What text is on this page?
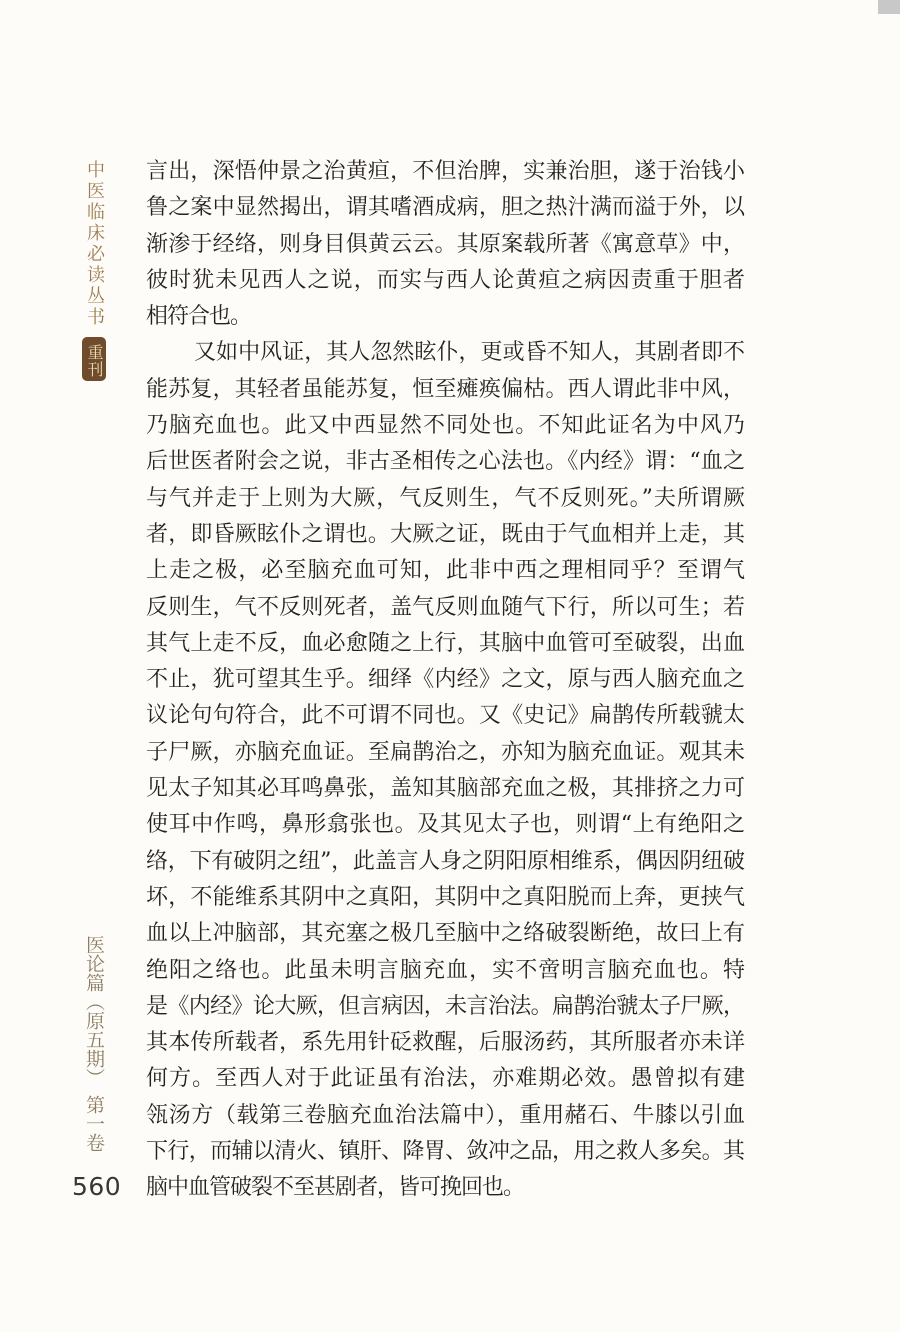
中医临床必读丛书
重刊
医论篇（原五期）第一卷
560
言出，深悟仲景之治黄疸，不但治脾，实兼治胆，遂于治钱小
鲁之案中显然揭出，谓其嗜酒成病，胆之热汁满而溢于外，以
渐渗于经络，则身目俱黄云云。其原案载所著《寓意草》中，
彼时犹未见西人之说，而实与西人论黄疸之病因责重于胆者
相符合也。
又如中风证，其人忽然眩仆，更或昏不知人，其剧者即不
能苏复，其轻者虽能苏复，恒至瘫痪偏枯。西人谓此非中风，
乃脑充血也。此又中西显然不同处也。不知此证名为中风乃
后世医者附会之说，非古圣相传之心法也。《内经》谓：“血之
与气并走于上则为大厥，气反则生，气不反则死。”夫所谓厥
者，即昏厥眩仆之谓也。大厥之证，既由于气血相并上走，其
上走之极，必至脑充血可知，此非中西之理相同乎？至谓气
反则生，气不反则死者，盖气反则血随气下行，所以可生；若
其气上走不反，血必愈随之上行，其脑中血管可至破裂，出血
不止，犹可望其生乎。细绎《内经》之文，原与西人脑充血之
议论句句符合，此不可谓不同也。又《史记》扁鹊传所载虢太
子尸厥，亦脑充血证。至扁鹊治之，亦知为脑充血证。观其未
见太子知其必耳鸣鼻张，盖知其脑部充血之极，其排挤之力可
使耳中作鸣，鼻形翕张也。及其见太子也，则谓“上有绝阳之
络，下有破阴之纽”，此盖言人身之阴阳原相维系，偶因阴纽破
坏，不能维系其阴中之真阳，其阴中之真阳脱而上奔，更挟气
血以上冲脑部，其充塞之极几至脑中之络破裂断绝，故曰上有
绝阳之络也。此虽未明言脑充血，实不啻明言脑充血也。特
是《内经》论大厥，但言病因，未言治法。扁鹊治虢太子尸厥，
其本传所载者，系先用针砭救醒，后服汤药，其所服者亦未详
何方。至西人对于此证虽有治法，亦难期必效。愚曾拟有建
瓴汤方（载第三卷脑充血治法篇中），重用赭石、牛膝以引血
下行，而辅以清火、镇肝、降胃、敛冲之品，用之救人多矣。其
脑中血管破裂不至甚剧者，皆可挽回也。
